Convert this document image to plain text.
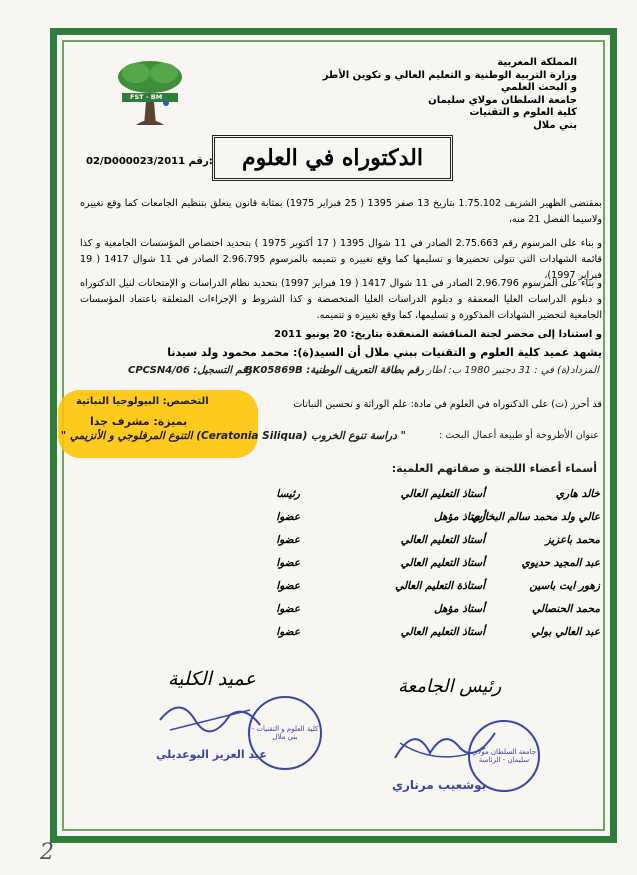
FST - BM
المملكة المغربية
وزارة التربية الوطنية و التعليم العالي و تكوين الأطر
و البحث العلمي
جامعة السلطان مولاي سليمان
كلية العلوم و التقنيات
بني ملال
الدكتوراه في العلوم
02/D000023/2011 رقم:
بمقتضى الظهير الشريف 1.75.102 بتاريخ 13 صفر 1395 ( 25 فبراير 1975) بمثابة قانون يتعلق بتنظيم الجامعات كما وقع تغييره ولاسيما الفصل 21 منه،
و بناء على المرسوم رقم 2.75.663 الصادر في 11 شوال 1395 ( 17 أكتوبر 1975 ) بتحديد اختصاص المؤسسات الجامعية و كذا قائمة الشهادات التي تتولى تحضيرها و تسليمها كما وقع تغييره و تتميمه بالمرسوم 2.96.795 الصادر في 11 شوال 1417 ( 19 فبراير 1997)،
و بناء على المرسوم 2.96.796 الصادر في 11 شوال 1417 ( 19 فبراير 1997) بتحديد نظام الدراسات و الإمتحانات لنيل الدكتوراه و دبلوم الدراسات العليا المعمقة و دبلوم الدراسات العليا المتخصصة و كذا الشروط و الإجراءات المتعلقة باعتماد المؤسسات الجامعية لتحضير الشهادات المذكورة و تسليمها، كما وقع تغييره و تتميمه.
و استنادا إلى محضر لجنة المناقشة المنعقدة بتاريخ: 20 يونيو 2011
يشهد عميد كلية العلوم و التقنيات ببني ملال أن السيد(ة): محمد محمود ولد سيدنا
المزداد(ة) في : 31 دجنبر 1980 ب: اطار
رقم بطاقة التعريف الوطنية: BK05869B
رقم التسجيل: CPCSN4/06
قد أحرز (ت) على الدكتوراه في العلوم في مادة: علم الوراثة و تحسين النباتات
التخصص: البيولوجيا النباتية
بميزة: مشرف جدا
عنوان الأطروحة أو طبيعة أعمال البحث :
" دراسة تنوع الخروب (Ceratonia Siliqua) التنوع المرفلوجي و الأنزيمي "
أسماء أعضاء اللجنة و صفاتهم العلمية:
خالد هاري
أستاذ التعليم العالي
رئيسا
عالي ولد محمد سالم البخاري
أستاذ مؤهل
عضوا
محمد باعزيز
أستاذ التعليم العالي
عضوا
عبد المجيد حديوي
أستاذ التعليم العالي
عضوا
زهور ايت باسين
أستاذة التعليم العالي
عضوا
محمد الحنصالي
أستاذ مؤهل
عضوا
عبد العالي بولي
أستاذ التعليم العالي
عضوا
عميد الكلية	رئيس الجامعة
كلية العلوم و التقنيات - بني ملال
جامعة السلطان مولاي سليمان - الرئاسة
عبد العزيز البوعديلي
بوشعيب مرناري
2
